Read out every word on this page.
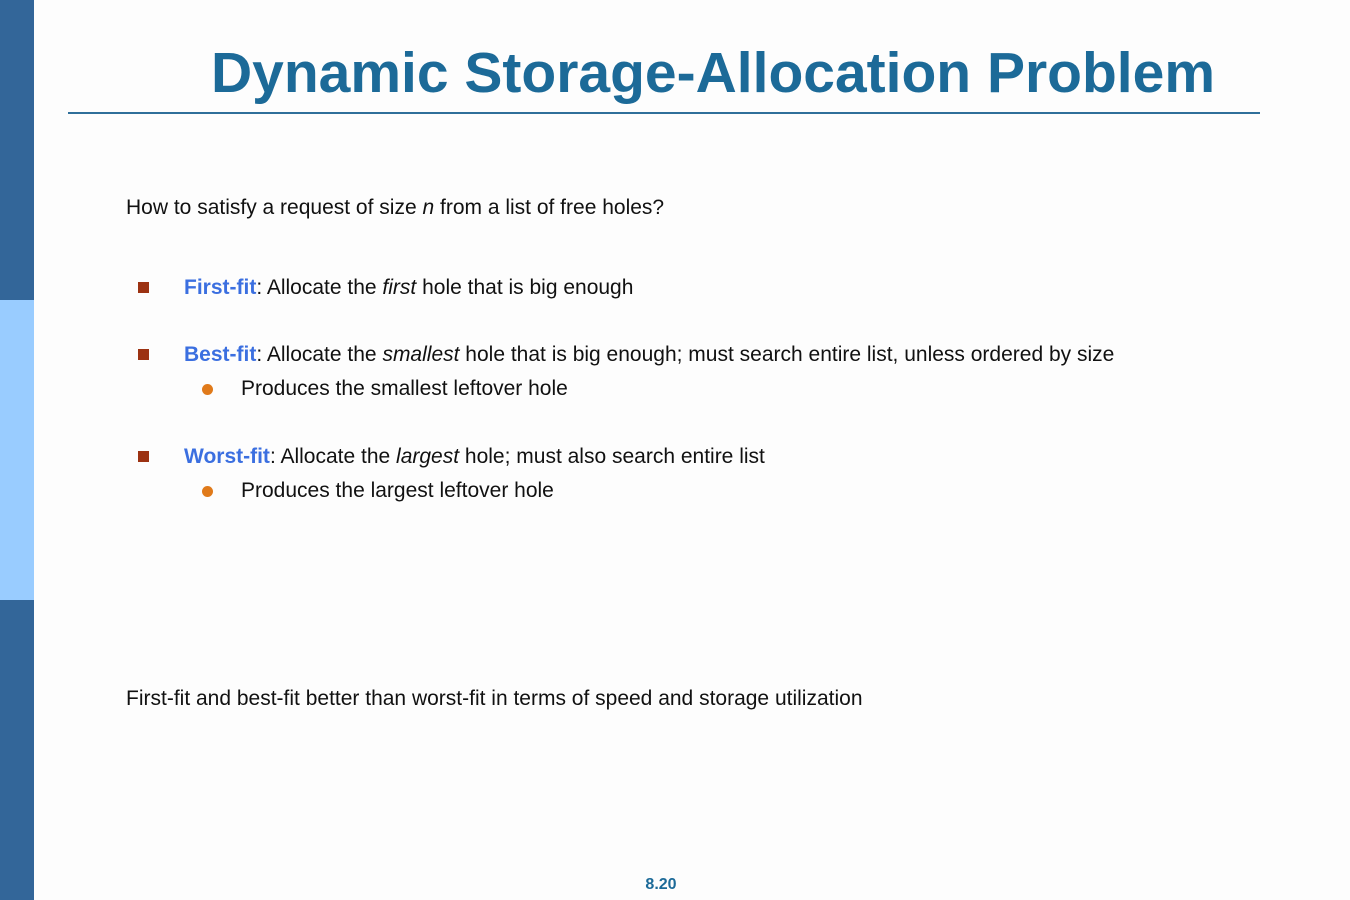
Dynamic Storage-Allocation Problem
How to satisfy a request of size n from a list of free holes?
First-fit: Allocate the first hole that is big enough
Best-fit: Allocate the smallest hole that is big enough; must search entire list, unless ordered by size
Produces the smallest leftover hole
Worst-fit: Allocate the largest hole; must also search entire list
Produces the largest leftover hole
First-fit and best-fit better than worst-fit in terms of speed and storage utilization
8.20
